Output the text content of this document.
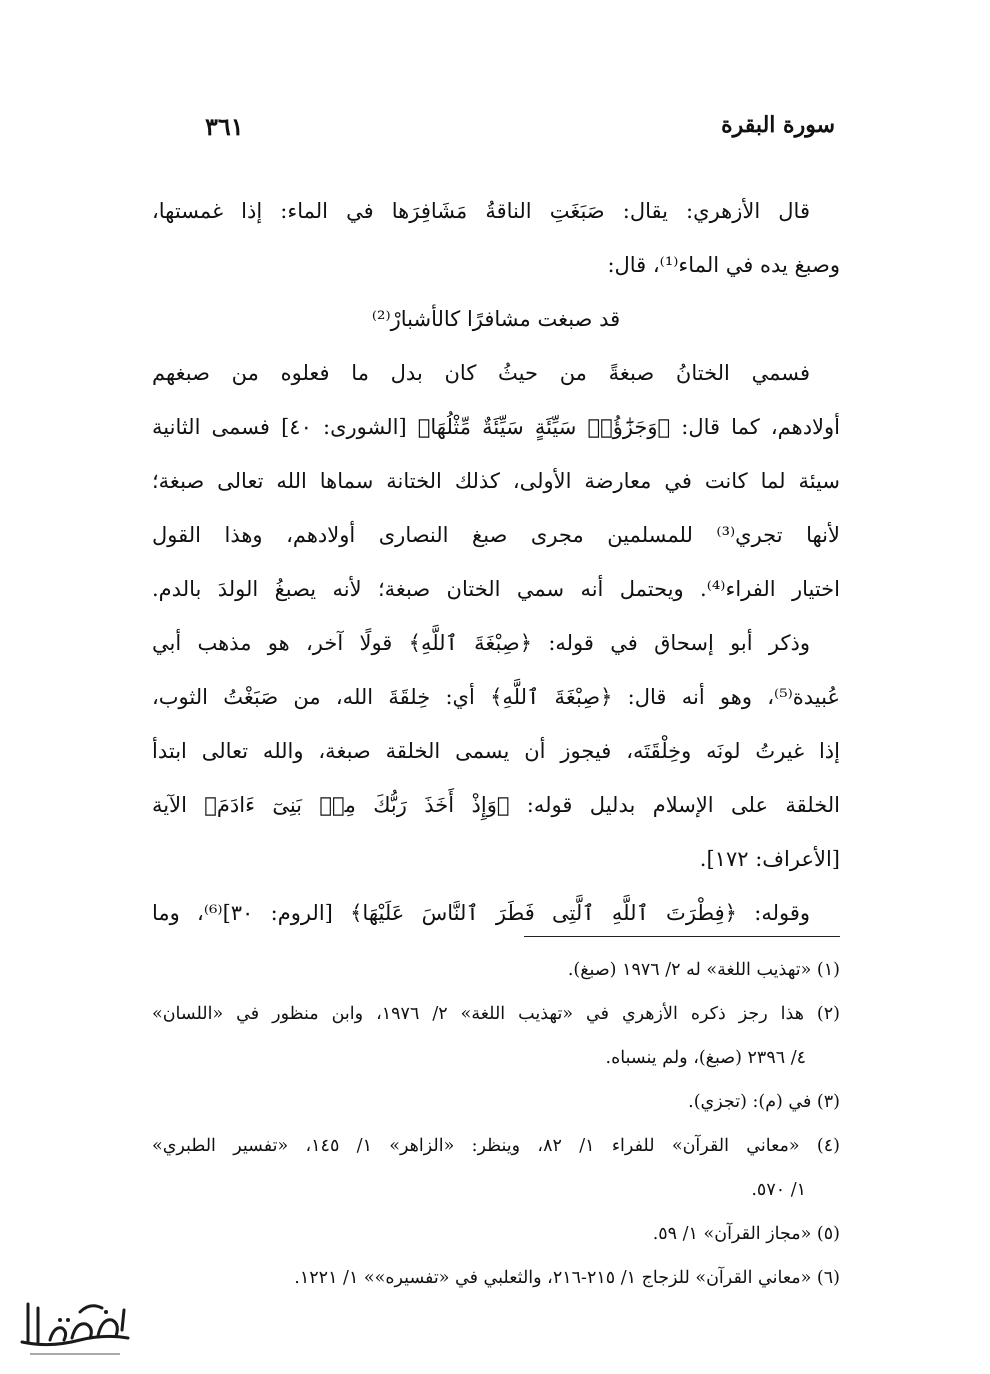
سورة البقرة
٣٦١
قال الأزهري: يقال: صَبَغَتِ الناقةُ مَشَافِرَها في الماء: إذا غمستها،
وصبغ يده في الماء⁽¹⁾، قال:
قد صبغت مشافرًا كالأشبارْ⁽²⁾
فسمي الختانُ صبغةً من حيثُ كان بدل ما فعلوه من صبغهم
أولادهم، كما قال: ﴿وَجَزَٰٓؤُا۟ سَيِّئَةٍ سَيِّئَةٌ مِّثْلُهَا﴾ [الشورى: ٤٠] فسمى الثانية
سيئة لما كانت في معارضة الأولى، كذلك الختانة سماها الله تعالى صبغة؛
لأنها تجري⁽³⁾ للمسلمين مجرى صبغ النصارى أولادهم، وهذا القول
اختيار الفراء⁽⁴⁾. ويحتمل أنه سمي الختان صبغة؛ لأنه يصبغُ الولدَ بالدم.
وذكر أبو إسحاق في قوله: ﴿صِبْغَةَ ٱللَّهِ﴾ قولًا آخر، هو مذهب أبي
عُبيدة⁽⁵⁾، وهو أنه قال: ﴿صِبْغَةَ ٱللَّهِ﴾ أي: خِلقَةَ الله، من صَبَغْتُ الثوب،
إذا غيرتُ لونَه وخِلْقَتَه، فيجوز أن يسمى الخلقة صبغة، والله تعالى ابتدأ
الخلقة على الإسلام بدليل قوله: ﴿وَإِذْ أَخَذَ رَبُّكَ مِنۢ بَنِىٓ ءَادَمَ﴾ الآية
[الأعراف: ١٧٢].
وقوله: ﴿فِطْرَتَ ٱللَّهِ ٱلَّتِى فَطَرَ ٱلنَّاسَ عَلَيْهَا﴾ [الروم: ٣٠]⁽⁶⁾، وما
(١) «تهذيب اللغة» له ٢/ ١٩٧٦ (صبغ).
(٢) هذا رجز ذكره الأزهري في «تهذيب اللغة» ٢/ ١٩٧٦، وابن منظور في «اللسان»
٤/ ٢٣٩٦ (صبغ)، ولم ينسباه.
(٣) في (م): (تجزي).
(٤) «معاني القرآن» للفراء ١/ ٨٢، وينظر: «الزاهر» ١/ ١٤٥، «تفسير الطبري»
١/ ٥٧٠.
(٥) «مجاز القرآن» ١/ ٥٩.
(٦) «معاني القرآن» للزجاج ١/ ٢١٥-٢١٦، والثعلبي في «تفسيره»» ١/ ١٢٢١.
